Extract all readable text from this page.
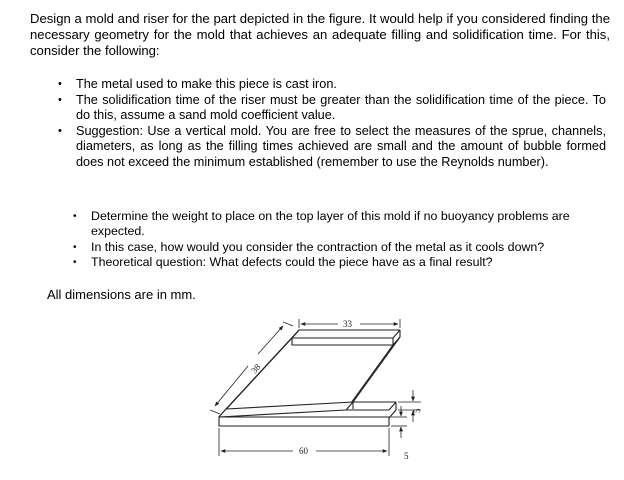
Design a mold and riser for the part depicted in the figure. It would help if you considered finding the necessary geometry for the mold that achieves an adequate filling and solidification time. For this, consider the following:
• The metal used to make this piece is cast iron.
• The solidification time of the riser must be greater than the solidification time of the piece. To do this, assume a sand mold coefficient value.
• Suggestion: Use a vertical mold. You are free to select the measures of the sprue, channels, diameters, as long as the filling times achieved are small and the amount of bubble formed does not exceed the minimum established (remember to use the Reynolds number).
• Determine the weight to place on the top layer of this mold if no buoyancy problems are expected.
• In this case, how would you consider the contraction of the metal as it cools down?
• Theoretical question: What defects could the piece have as a final result?
All dimensions are in mm.
33
38
60
5
5
